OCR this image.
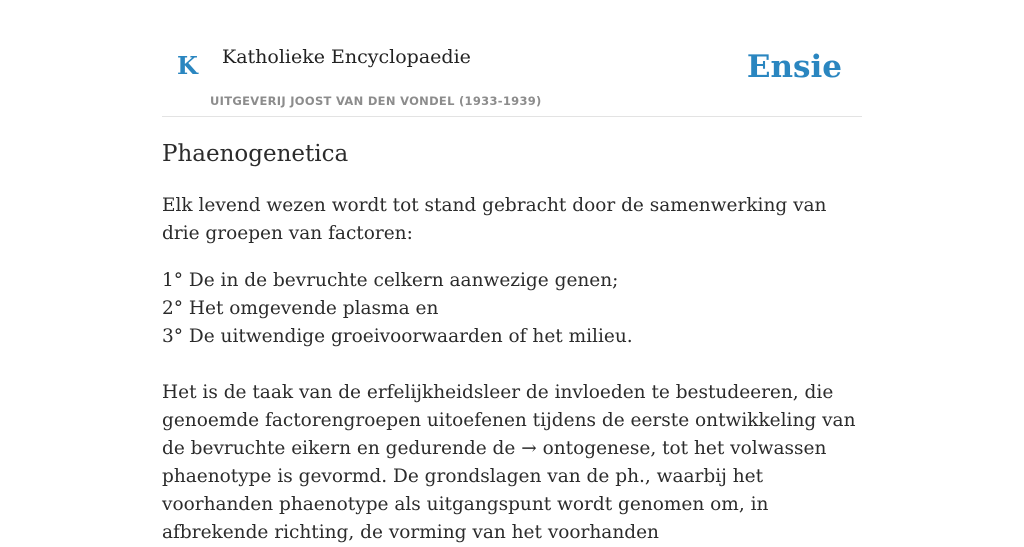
K Katholieke Encyclopaedie
UITGEVERIJ JOOST VAN DEN VONDEL (1933-1939)
Ensie
Phaenogenetica

Elk levend wezen wordt tot stand gebracht door de samenwerking van drie groepen van factoren:

1° De in de bevruchte celkern aanwezige genen;
2° Het omgevende plasma en
3° De uitwendige groeivoorwaarden of het milieu.

Het is de taak van de erfelijkheidsleer de invloeden te bestudeeren, die genoemde factorengroepen uitoefenen tijdens de eerste ontwikkeling van de bevruchte eikern en gedurende de → ontogenese, tot het volwassen phaenotype is gevormd. De grondslagen van de ph., waarbij het voorhanden phaenotype als uitgangspunt wordt genomen om, in afbrekende richting, de vorming van het voorhanden
